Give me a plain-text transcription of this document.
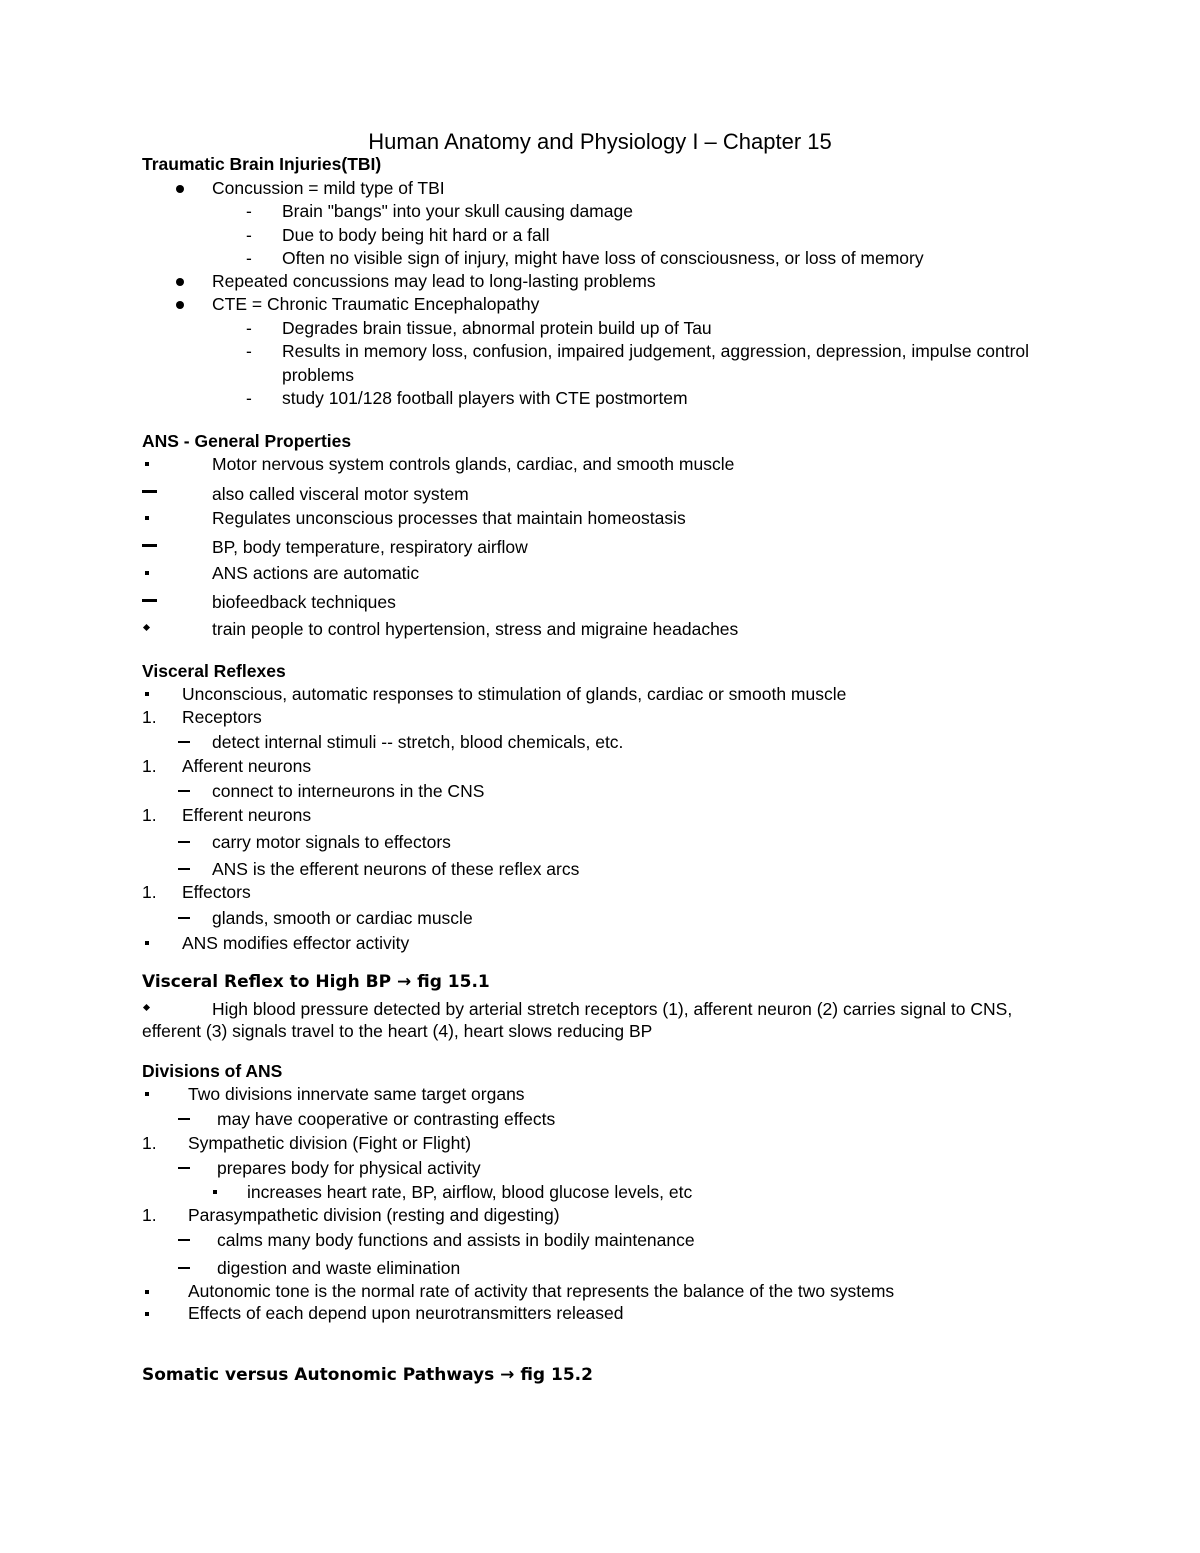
Human Anatomy and Physiology I – Chapter 15
Traumatic Brain Injuries(TBI)
Concussion = mild type of TBI
- Brain "bangs" into your skull causing damage
- Due to body being hit hard or a fall
- Often no visible sign of injury, might have loss of consciousness, or loss of memory
Repeated concussions may lead to long-lasting problems
CTE = Chronic Traumatic Encephalopathy
- Degrades brain tissue, abnormal protein build up of Tau
- Results in memory loss, confusion, impaired judgement, aggression, depression, impulse control
problems
- study 101/128 football players with CTE postmortem
ANS - General Properties
Motor nervous system controls glands, cardiac, and smooth muscle
also called visceral motor system
Regulates unconscious processes that maintain homeostasis
BP, body temperature, respiratory airflow
ANS actions are automatic
biofeedback techniques
train people to control hypertension, stress and migraine headaches
Visceral Reflexes
Unconscious, automatic responses to stimulation of glands, cardiac or smooth muscle
1. Receptors
detect internal stimuli -- stretch, blood chemicals, etc.
1. Afferent neurons
connect to interneurons in the CNS
1. Efferent neurons
carry motor signals to effectors
ANS is the efferent neurons of these reflex arcs
1. Effectors
glands, smooth or cardiac muscle
ANS modifies effector activity
Visceral Reflex to High BP → fig 15.1
High blood pressure detected by arterial stretch receptors (1), afferent neuron (2) carries signal to CNS,
efferent (3) signals travel to the heart (4), heart slows reducing BP
Divisions of ANS
Two divisions innervate same target organs
may have cooperative or contrasting effects
1. Sympathetic division (Fight or Flight)
prepares body for physical activity
increases heart rate, BP, airflow, blood glucose levels, etc
1. Parasympathetic division (resting and digesting)
calms many body functions and assists in bodily maintenance
digestion and waste elimination
Autonomic tone is the normal rate of activity that represents the balance of the two systems
Effects of each depend upon neurotransmitters released
Somatic versus Autonomic Pathways → fig 15.2
